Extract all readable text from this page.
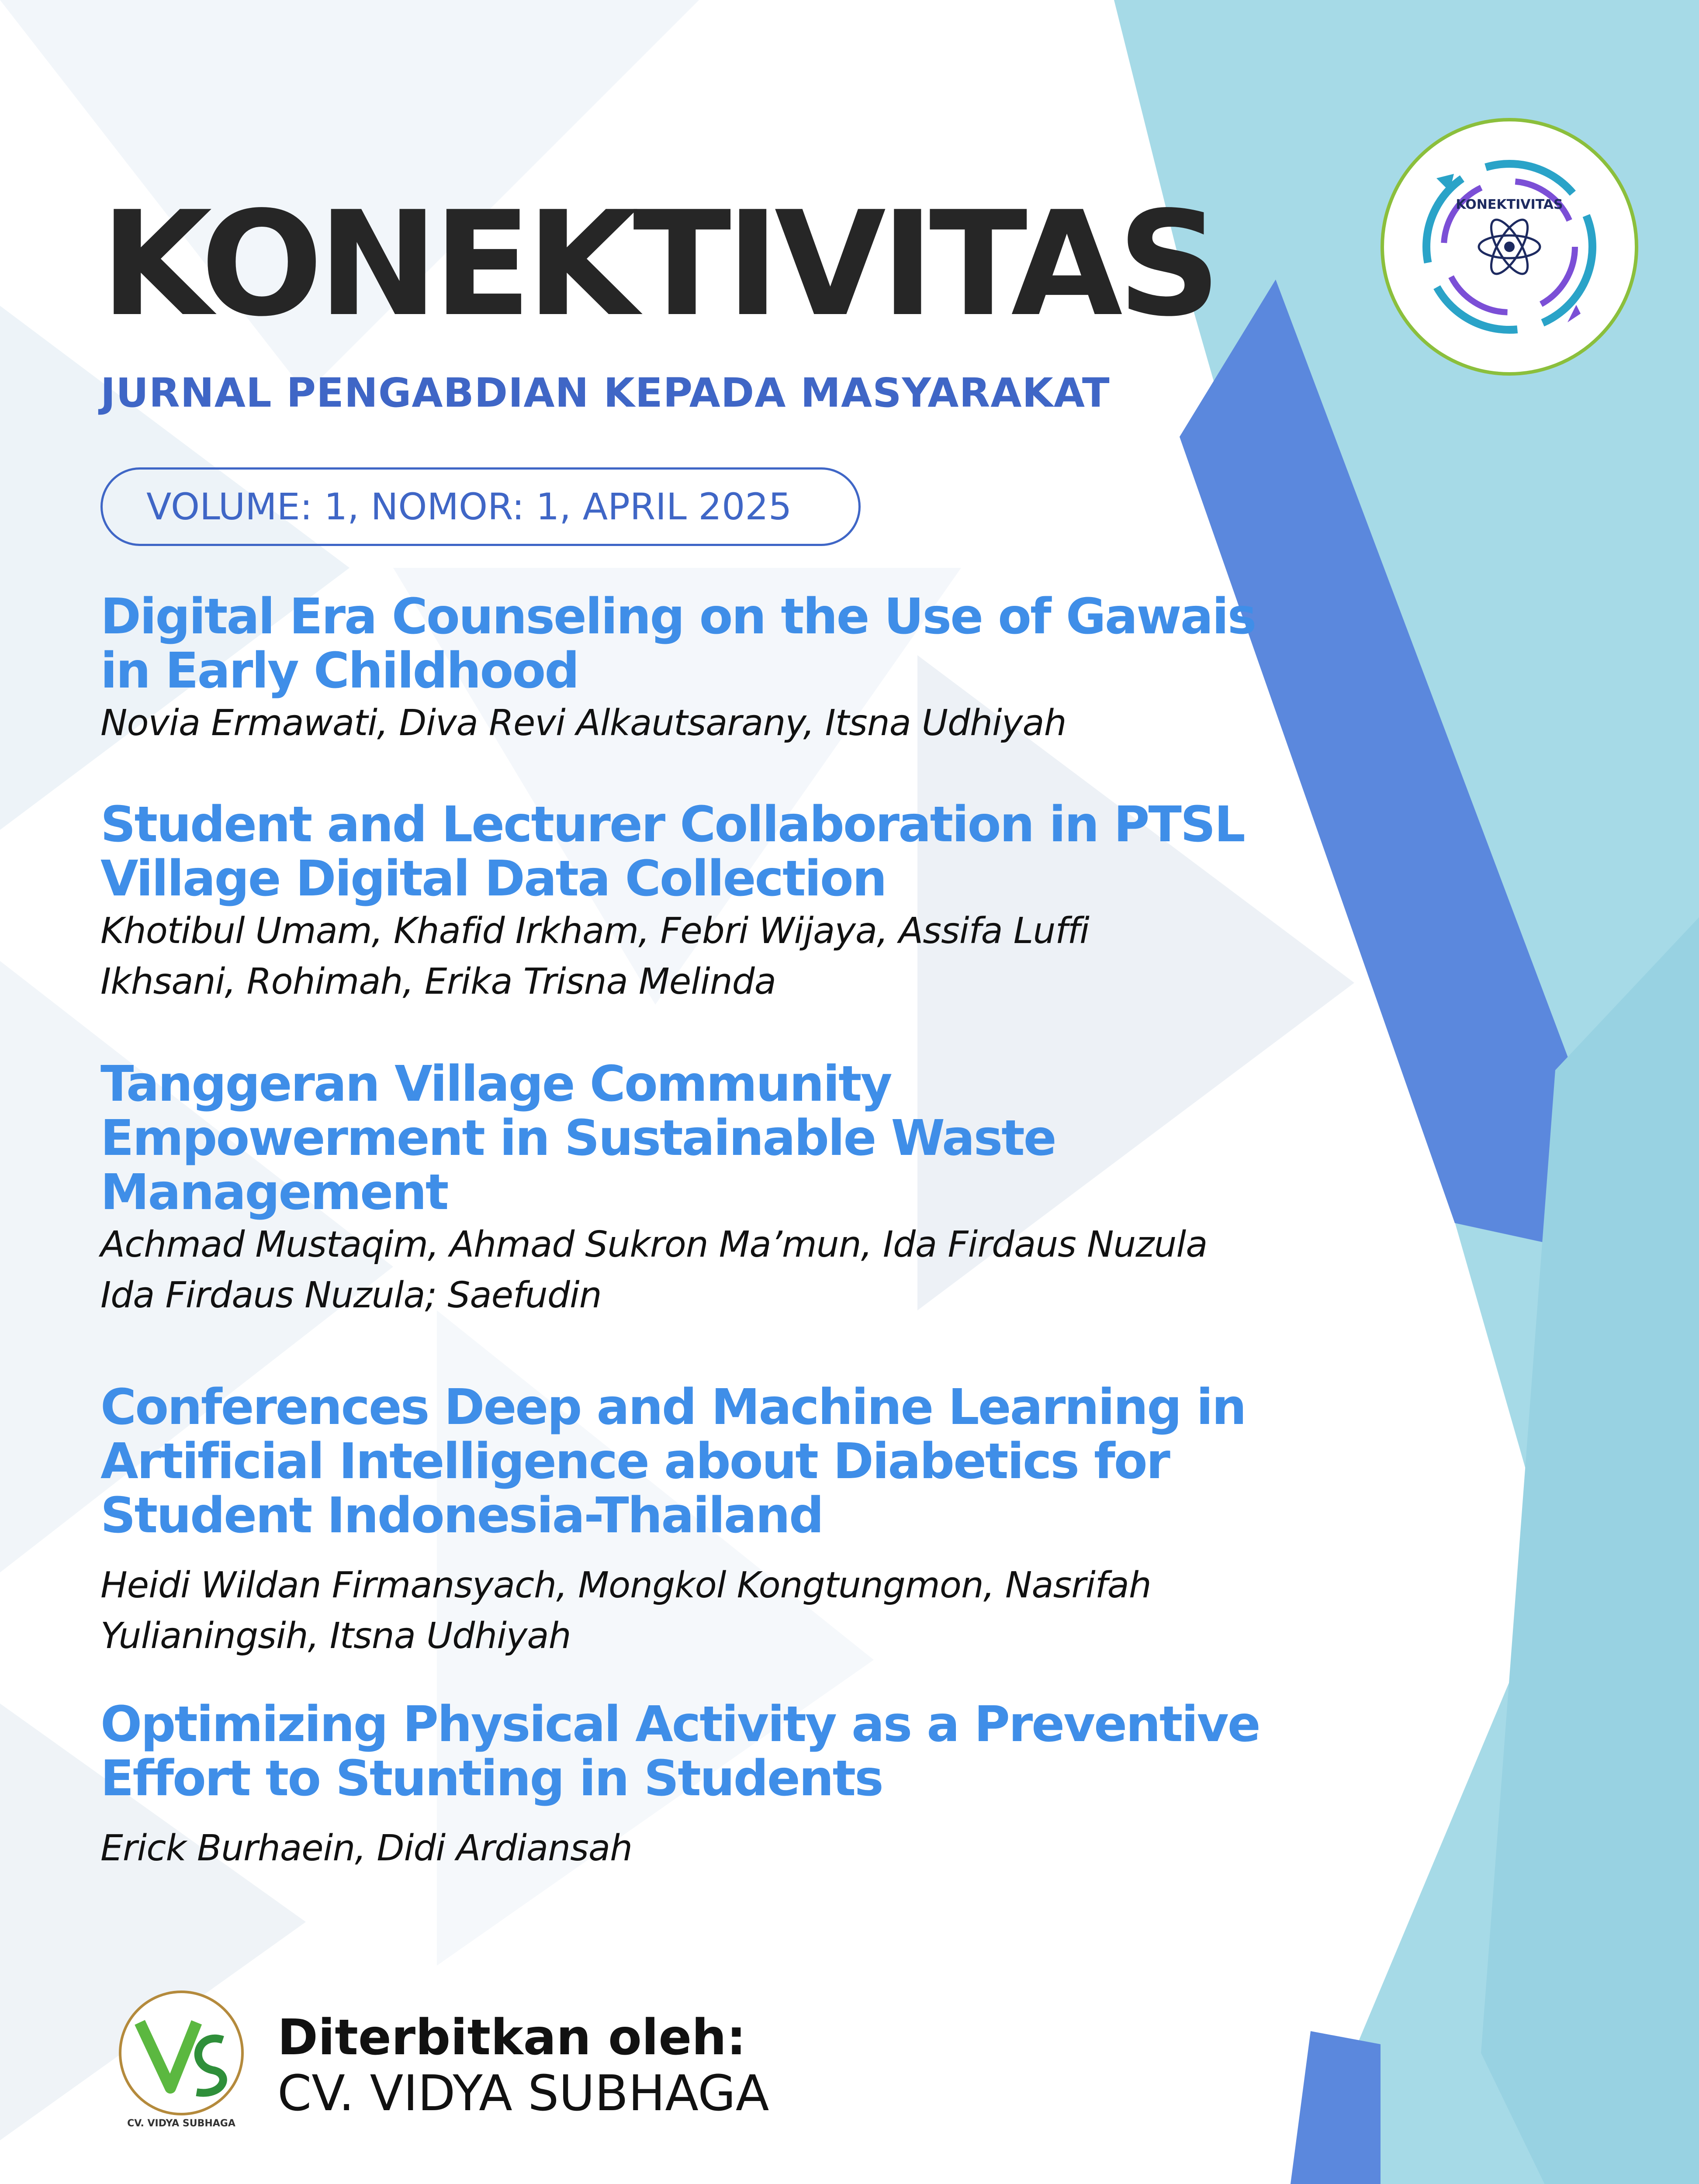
KONEKTIVITAS
KONEKTIVITAS
JURNAL PENGABDIAN KEPADA MASYARAKAT
VOLUME: 1, NOMOR: 1, APRIL 2025

Digital Era Counseling on the Use of Gawais
in Early Childhood

Novia Ermawati, Diva Revi Alkautsarany, Itsna Udhiyah

Student and Lecturer Collaboration in PTSL
Village Digital Data Collection

Khotibul Umam, Khafid Irkham, Febri Wijaya, Assifa Luffi
Ikhsani, Rohimah, Erika Trisna Melinda

Tanggeran Village Community
Empowerment in Sustainable Waste
Management

Achmad Mustaqim, Ahmad Sukron Ma’mun, Ida Firdaus Nuzula
Ida Firdaus Nuzula; Saefudin

Conferences Deep and Machine Learning in
Artificial Intelligence about Diabetics for
Student Indonesia-Thailand

Heidi Wildan Firmansyach, Mongkol Kongtungmon, Nasrifah
Yulianingsih, Itsna Udhiyah

Optimizing Physical Activity as a Preventive
Effort to Stunting in Students

Erick Burhaein, Didi Ardiansah

CV. VIDYA SUBHAGA
Diterbitkan oleh:
CV. VIDYA SUBHAGA
